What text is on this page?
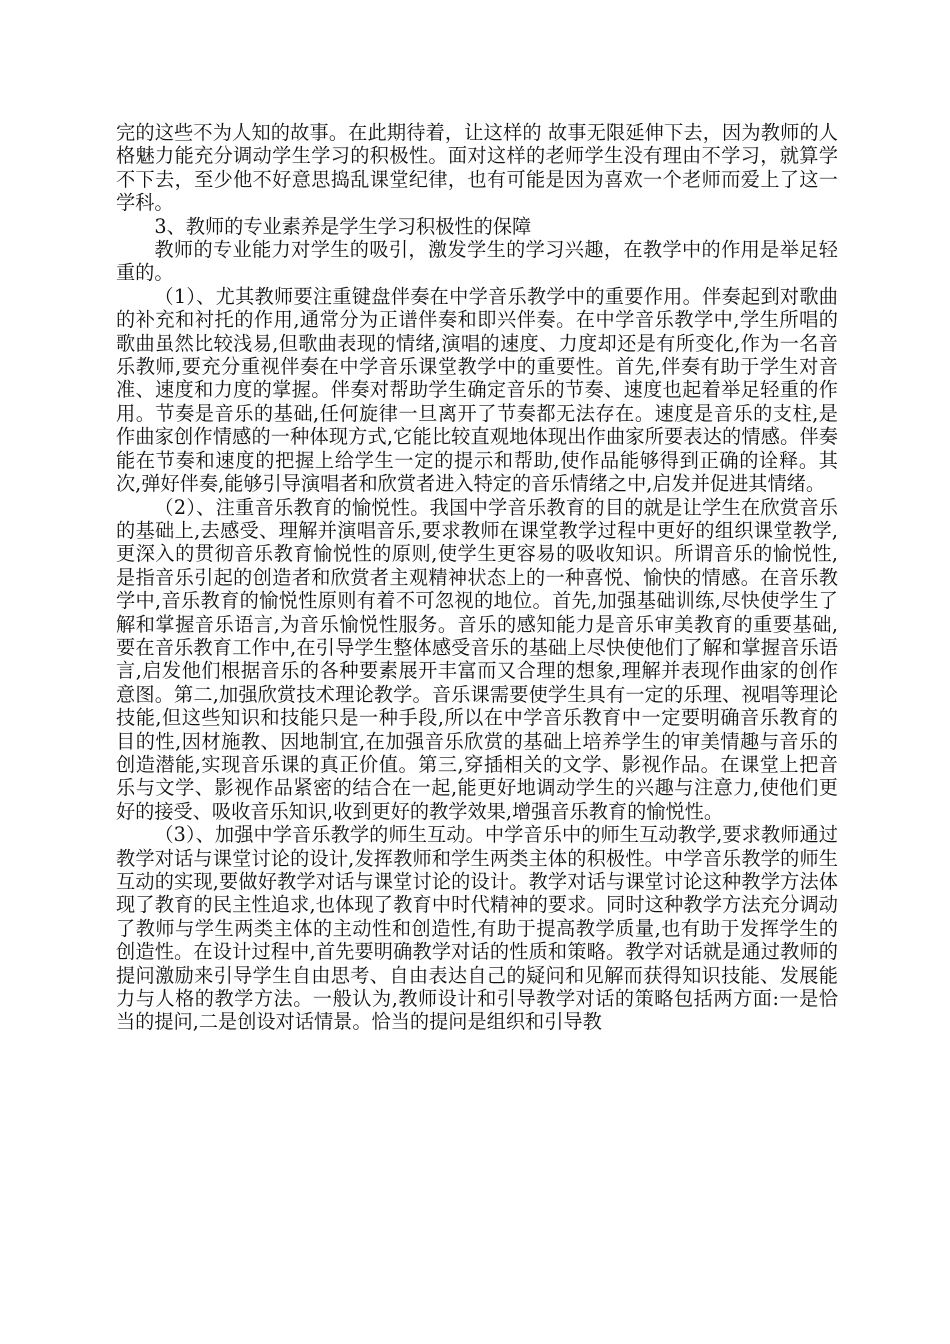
完的这些不为人知的故事。在此期待着，让这样的 故事无限延伸下去，因为教师的人格魅力能充分调动学生学习的积极性。面对这样的老师学生没有理由不学习，就算学不下去，至少他不好意思捣乱课堂纪律，也有可能是因为喜欢一个老师而爱上了这一学科。

3、教师的专业素养是学生学习积极性的保障

教师的专业能力对学生的吸引，激发学生的学习兴趣，在教学中的作用是举足轻重的。

（1）、尤其教师要注重键盘伴奏在中学音乐教学中的重要作用。伴奏起到对歌曲的补充和衬托的作用,通常分为正谱伴奏和即兴伴奏。在中学音乐教学中,学生所唱的歌曲虽然比较浅易,但歌曲表现的情绪,演唱的速度、力度却还是有所变化,作为一名音乐教师,要充分重视伴奏在中学音乐课堂教学中的重要性。首先,伴奏有助于学生对音准、速度和力度的掌握。伴奏对帮助学生确定音乐的节奏、速度也起着举足轻重的作用。节奏是音乐的基础,任何旋律一旦离开了节奏都无法存在。速度是音乐的支柱,是作曲家创作情感的一种体现方式,它能比较直观地体现出作曲家所要表达的情感。伴奏能在节奏和速度的把握上给学生一定的提示和帮助,使作品能够得到正确的诠释。其次,弹好伴奏,能够引导演唱者和欣赏者进入特定的音乐情绪之中,启发并促进其情绪。

（2）、注重音乐教育的愉悦性。我国中学音乐教育的目的就是让学生在欣赏音乐的基础上,去感受、理解并演唱音乐,要求教师在课堂教学过程中更好的组织课堂教学,更深入的贯彻音乐教育愉悦性的原则,使学生更容易的吸收知识。所谓音乐的愉悦性,是指音乐引起的创造者和欣赏者主观精神状态上的一种喜悦、愉快的情感。在音乐教学中,音乐教育的愉悦性原则有着不可忽视的地位。首先,加强基础训练,尽快使学生了解和掌握音乐语言,为音乐愉悦性服务。音乐的感知能力是音乐审美教育的重要基础,要在音乐教育工作中,在引导学生整体感受音乐的基础上尽快使他们了解和掌握音乐语言,启发他们根据音乐的各种要素展开丰富而又合理的想象,理解并表现作曲家的创作意图。第二,加强欣赏技术理论教学。音乐课需要使学生具有一定的乐理、视唱等理论技能,但这些知识和技能只是一种手段,所以在中学音乐教育中一定要明确音乐教育的目的性,因材施教、因地制宜,在加强音乐欣赏的基础上培养学生的审美情趣与音乐的创造潜能,实现音乐课的真正价值。第三,穿插相关的文学、影视作品。在课堂上把音乐与文学、影视作品紧密的结合在一起,能更好地调动学生的兴趣与注意力,使他们更好的接受、吸收音乐知识,收到更好的教学效果,增强音乐教育的愉悦性。

（3）、加强中学音乐教学的师生互动。中学音乐中的师生互动教学,要求教师通过教学对话与课堂讨论的设计,发挥教师和学生两类主体的积极性。中学音乐教学的师生互动的实现,要做好教学对话与课堂讨论的设计。教学对话与课堂讨论这种教学方法体现了教育的民主性追求,也体现了教育中时代精神的要求。同时这种教学方法充分调动了教师与学生两类主体的主动性和创造性,有助于提高教学质量,也有助于发挥学生的创造性。在设计过程中,首先要明确教学对话的性质和策略。教学对话就是通过教师的提问激励来引导学生自由思考、自由表达自己的疑问和见解而获得知识技能、发展能力与人格的教学方法。一般认为,教师设计和引导教学对话的策略包括两方面:一是恰当的提问,二是创设对话情景。恰当的提问是组织和引导教
